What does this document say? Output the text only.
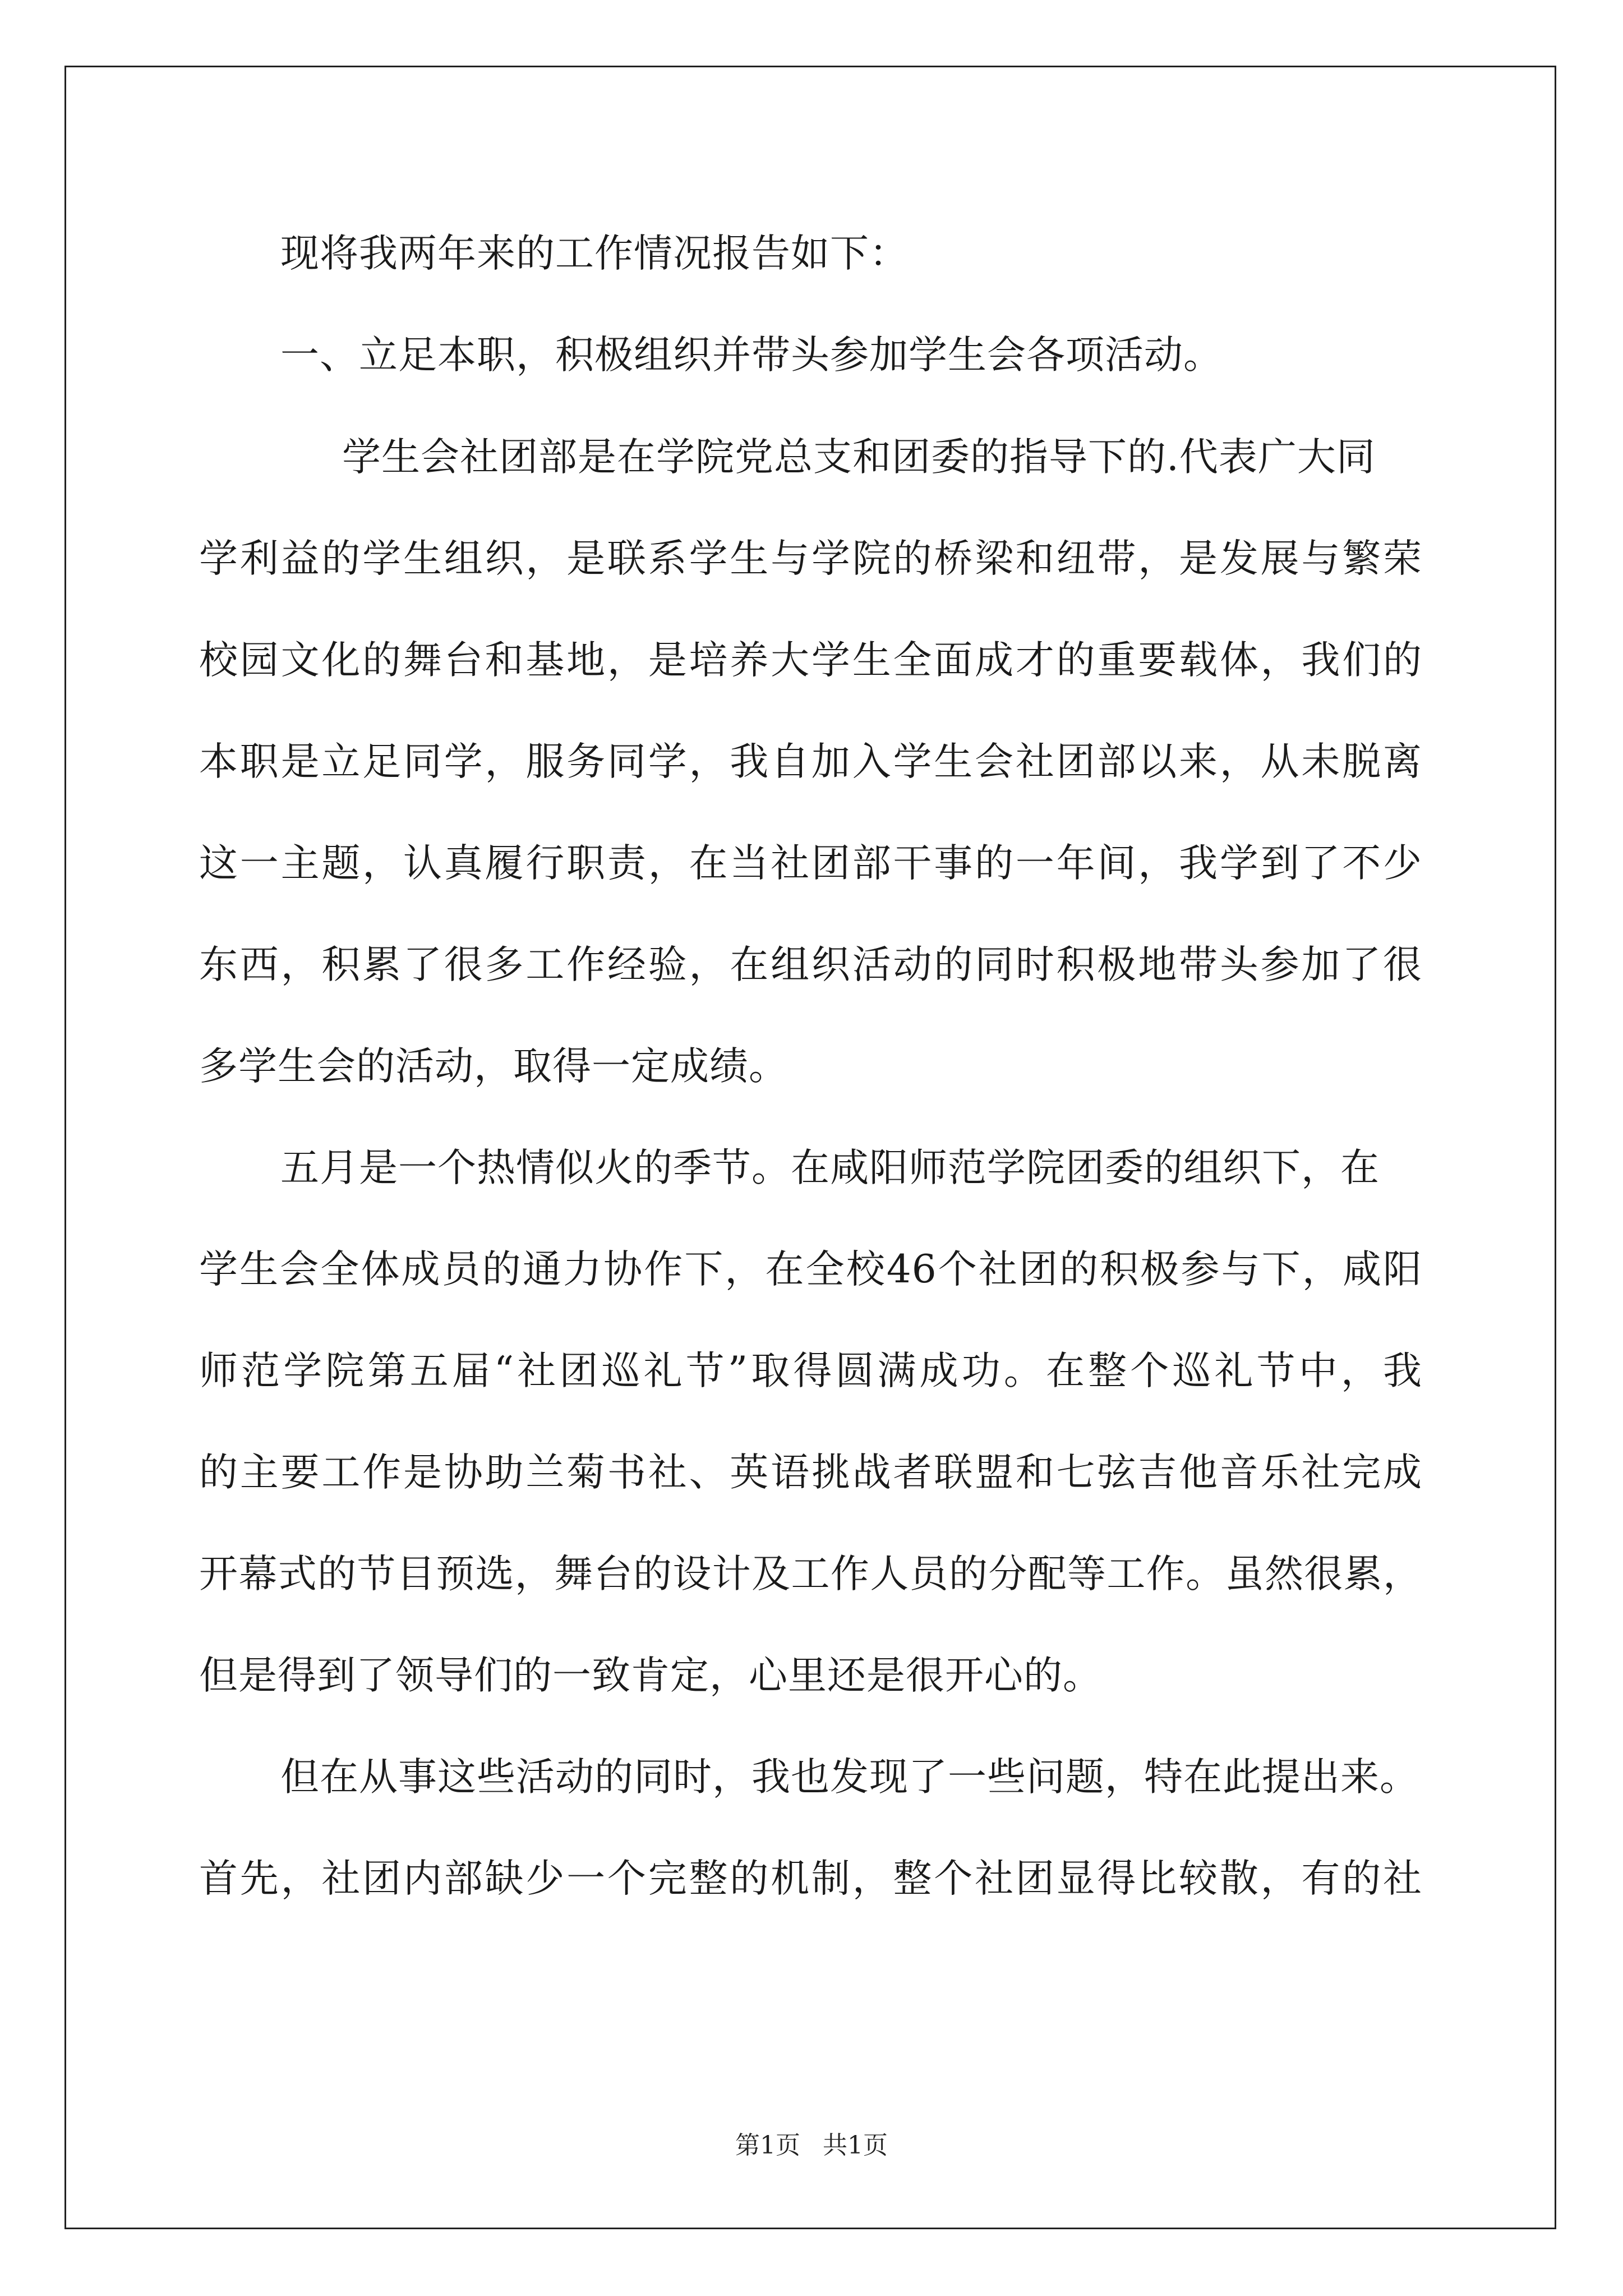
现将我两年来的工作情况报告如下：
一、立足本职，积极组织并带头参加学生会各项活动。
学生会社团部是在学院党总支和团委的指导下的.代表广大同
学利益的学生组织，是联系学生与学院的桥梁和纽带，是发展与繁荣
校园文化的舞台和基地，是培养大学生全面成才的重要载体，我们的
本职是立足同学，服务同学，我自加入学生会社团部以来，从未脱离
这一主题，认真履行职责，在当社团部干事的一年间，我学到了不少
东西，积累了很多工作经验，在组织活动的同时积极地带头参加了很
多学生会的活动，取得一定成绩。
五月是一个热情似火的季节。在咸阳师范学院团委的组织下，在
学生会全体成员的通力协作下，在全校46个社团的积极参与下，咸阳
师范学院第五届“社团巡礼节”取得圆满成功。在整个巡礼节中，我
的主要工作是协助兰菊书社、英语挑战者联盟和七弦吉他音乐社完成
开幕式的节目预选，舞台的设计及工作人员的分配等工作。虽然很累，
但是得到了领导们的一致肯定，心里还是很开心的。
但在从事这些活动的同时，我也发现了一些问题，特在此提出来。
首先，社团内部缺少一个完整的机制，整个社团显得比较散，有的社
第1页 共1页
